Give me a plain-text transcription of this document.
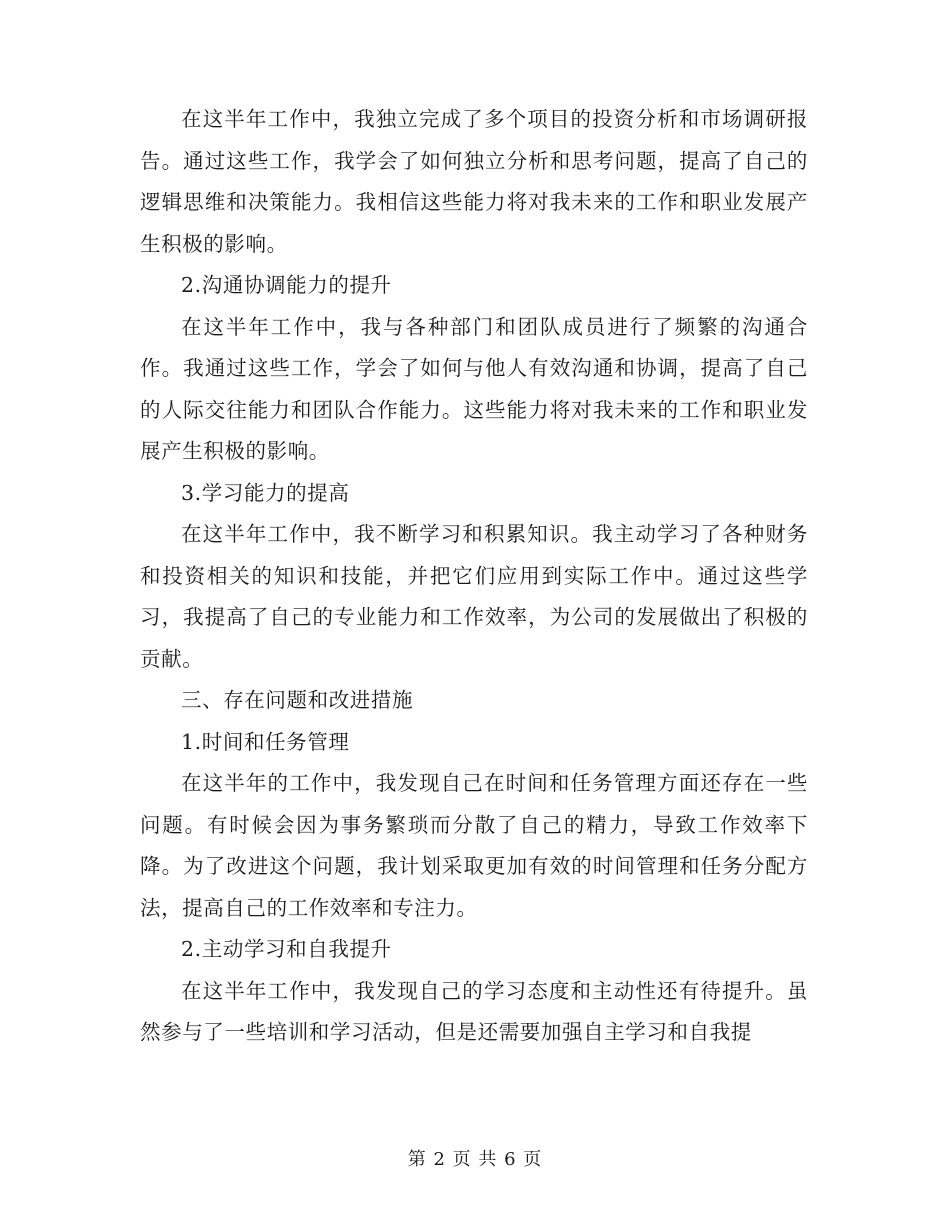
在这半年工作中，我独立完成了多个项目的投资分析和市场调研报告。通过这些工作，我学会了如何独立分析和思考问题，提高了自己的逻辑思维和决策能力。我相信这些能力将对我未来的工作和职业发展产生积极的影响。

2.沟通协调能力的提升

在这半年工作中，我与各种部门和团队成员进行了频繁的沟通合作。我通过这些工作，学会了如何与他人有效沟通和协调，提高了自己的人际交往能力和团队合作能力。这些能力将对我未来的工作和职业发展产生积极的影响。

3.学习能力的提高

在这半年工作中，我不断学习和积累知识。我主动学习了各种财务和投资相关的知识和技能，并把它们应用到实际工作中。通过这些学习，我提高了自己的专业能力和工作效率，为公司的发展做出了积极的贡献。

三、存在问题和改进措施

1.时间和任务管理

在这半年的工作中，我发现自己在时间和任务管理方面还存在一些问题。有时候会因为事务繁琐而分散了自己的精力，导致工作效率下降。为了改进这个问题，我计划采取更加有效的时间管理和任务分配方法，提高自己的工作效率和专注力。

2.主动学习和自我提升

在这半年工作中，我发现自己的学习态度和主动性还有待提升。虽然参与了一些培训和学习活动，但是还需要加强自主学习和自我提

第 2 页 共 6 页
